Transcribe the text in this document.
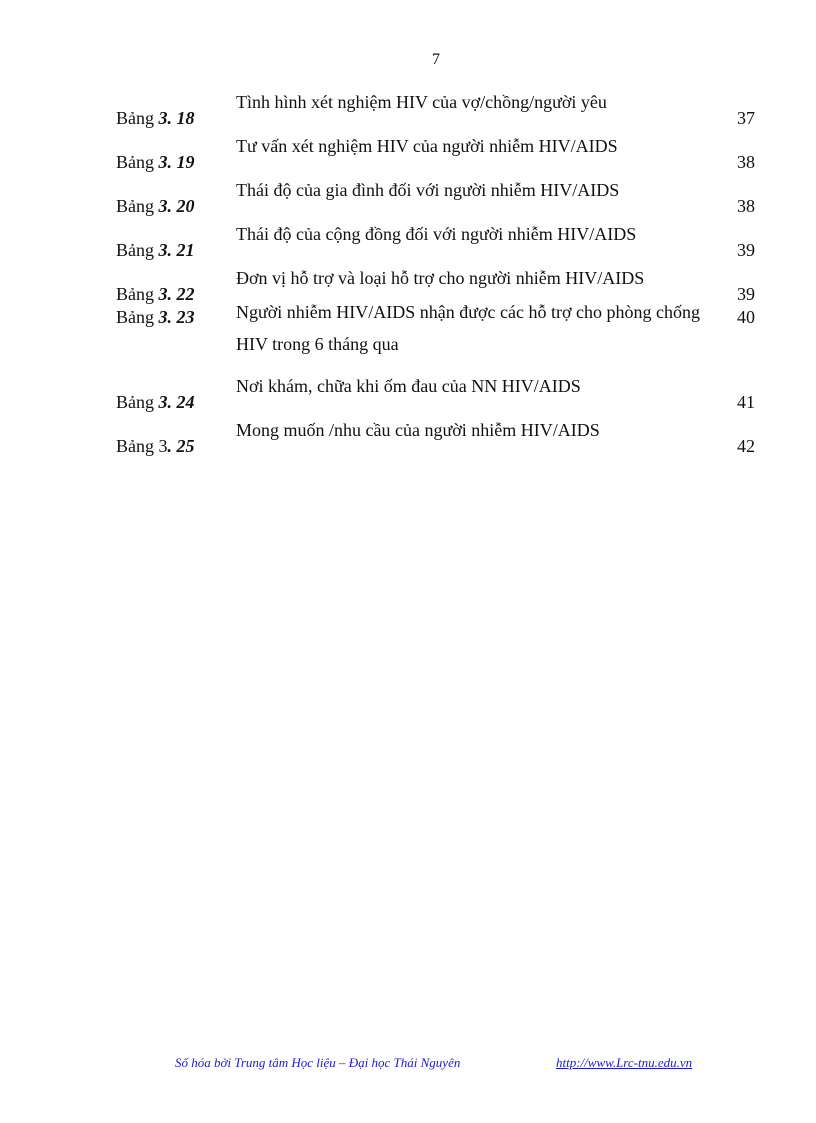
7
Bảng 3. 18
Tình hình xét nghiệm HIV của vợ/chồng/người yêu
37
Bảng 3. 19
Tư vấn xét nghiệm HIV của người nhiễm HIV/AIDS
38
Bảng 3. 20
Thái độ của gia đình đối với người nhiễm HIV/AIDS
38
Bảng 3. 21
Thái độ của cộng đồng đối với người nhiễm HIV/AIDS
39
Bảng 3. 22
Đơn vị hỗ trợ và loại hỗ trợ cho người nhiễm HIV/AIDS
39
Bảng 3. 23	Người nhiễm HIV/AIDS nhận được các hỗ trợ cho phòng chống HIV trong 6 tháng qua
40
Bảng 3. 24
Nơi khám, chữa khi ốm đau của NN HIV/AIDS
41
Bảng 3. 25
Mong muốn /nhu cầu của người nhiễm HIV/AIDS
42
Số hóa bởi Trung tâm Học liệu – Đại học Thái Nguyên	http://www.Lrc-tnu.edu.vn
